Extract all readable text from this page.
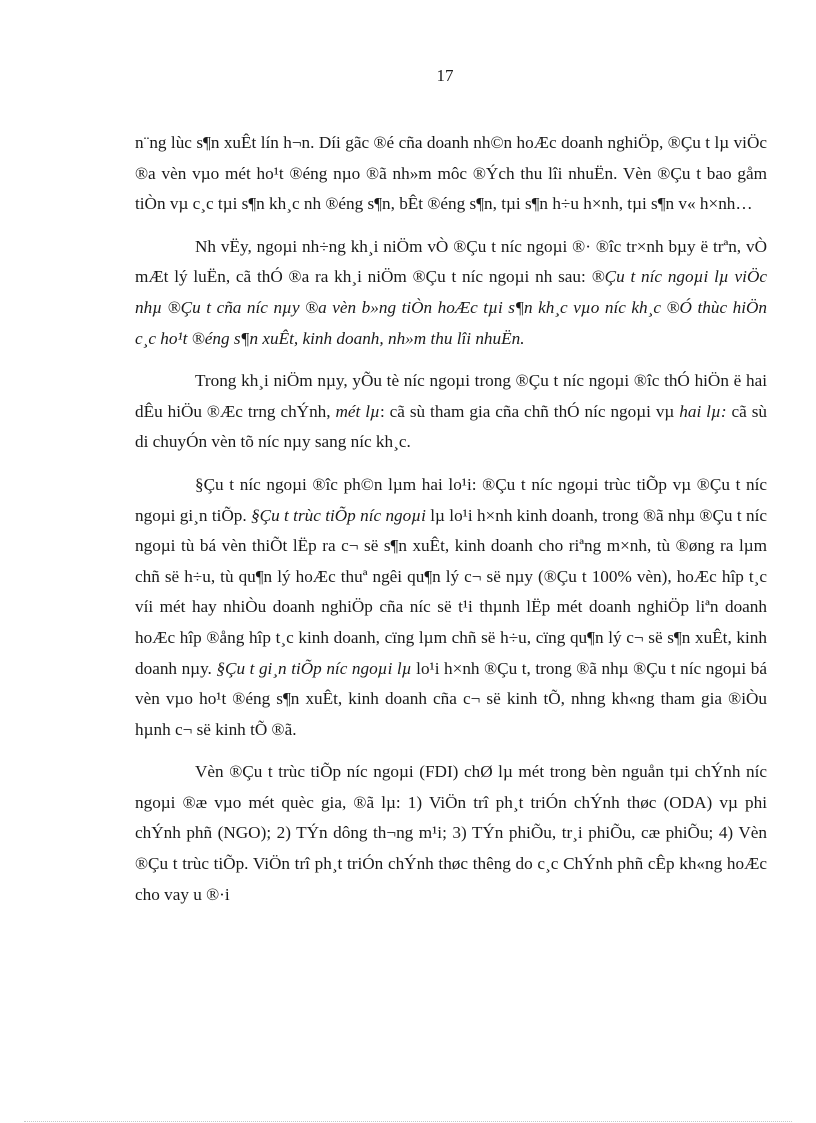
17

n¨ng lùc s¶n xuÊt lín h¬n. Díi gãc ®é cña doanh nh©n hoÆc doanh nghiÖp, ®Çu t lµ viÖc ®a vèn vµo mét ho¹t ®éng nµo ®ã nh»m môc ®Ých thu lîi nhuËn. Vèn ®Çu t bao gåm tiÒn vµ c¸c tµi s¶n kh¸c nh ®éng s¶n, bÊt ®éng s¶n, tµi s¶n h÷u h×nh, tµi s¶n v« h×nh…

Nh vËy, ngoµi nh÷ng kh¸i niÖm vÒ ®Çu t níc ngoµi ®· ®îc tr×nh bµy ë trªn, vÒ mÆt lý luËn, cã thÓ ®a ra kh¸i niÖm ®Çu t níc ngoµi nh sau: ®Çu t níc ngoµi lµ viÖc nhµ ®Çu t cña níc nµy ®a vèn b»ng tiÒn hoÆc tµi s¶n kh¸c vµo níc kh¸c ®Ó thùc hiÖn c¸c ho¹t ®éng s¶n xuÊt, kinh doanh, nh»m thu lîi nhuËn.

Trong kh¸i niÖm nµy, yÕu tè níc ngoµi trong ®Çu t níc ngoµi ®îc thÓ hiÖn ë hai dÊu hiÖu ®Æc trng chÝnh, mét lµ: cã sù tham gia cña chñ thÓ níc ngoµi vµ hai lµ: cã sù di chuyÓn vèn tõ níc nµy sang níc kh¸c.

§Çu t níc ngoµi ®îc ph©n lµm hai lo¹i: ®Çu t níc ngoµi trùc tiÕp vµ ®Çu t níc ngoµi gi¸n tiÕp. §Çu t trùc tiÕp níc ngoµi lµ lo¹i h×nh kinh doanh, trong ®ã nhµ ®Çu t níc ngoµi tù bá vèn thiÕt lËp ra c¬ së s¶n xuÊt, kinh doanh cho riªng m×nh, tù ®øng ra lµm chñ së h÷u, tù qu¶n lý hoÆc thuª ngêi qu¶n lý c¬ së nµy (®Çu t 100% vèn), hoÆc hîp t¸c víi mét hay nhiÒu doanh nghiÖp cña níc së t¹i thµnh lËp mét doanh nghiÖp liªn doanh hoÆc hîp ®ång hîp t¸c kinh doanh, cïng lµm chñ së h÷u, cïng qu¶n lý c¬ së s¶n xuÊt, kinh doanh nµy. §Çu t gi¸n tiÕp níc ngoµi lµ lo¹i h×nh ®Çu t, trong ®ã nhµ ®Çu t níc ngoµi bá vèn vµo ho¹t ®éng s¶n xuÊt, kinh doanh cña c¬ së kinh tÕ, nhng kh«ng tham gia ®iÒu hµnh c¬ së kinh tÕ ®ã.

Vèn ®Çu t trùc tiÕp níc ngoµi (FDI) chØ lµ mét trong bèn nguån tµi chÝnh níc ngoµi ®æ vµo mét quèc gia, ®ã lµ: 1) ViÖn trî ph¸t triÓn chÝnh thøc (ODA) vµ phi chÝnh phñ (NGO); 2) TÝn dông th¬ng m¹i; 3) TÝn phiÕu, tr¸i phiÕu, cæ phiÕu; 4) Vèn ®Çu t trùc tiÕp. ViÖn trî ph¸t triÓn chÝnh thøc thêng do c¸c ChÝnh phñ cÊp kh«ng hoÆc cho vay u ®·i
